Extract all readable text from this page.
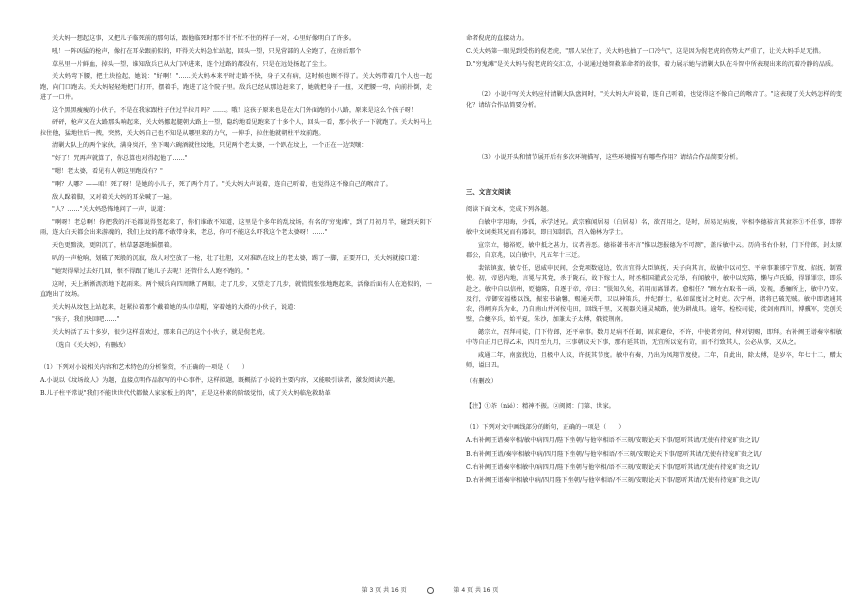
关大妈一想起这事，又把儿子临死前的那句话，跟他临死时那不甘不忙不住的样子一对，心里好像明白了许多。
吼！一阵凶猛的枪声，像打在耳朵跟前似的，吓得关大妈急忙站起，回头一望，只见营部的人全跑了，在房后那个
草丛里一片鲜血，掉头一望，谁知敌兵已从大门冲进来，连个过路的都没有，只是在远处扬起了尘土。
关大妈弯下腰，把土块捡起，她说："好啊！"……关大妈本来平时走路不快，身子又有病，这时候也顾不得了。关大妈带着几个人也一起跑，向门口跑去。关大妈轻轻地把门打开，摆着手，跑进了这个院子里。敌兵已经从那边赶来了，她就把身子一扭，又把腰一弯，向前扑倒，走进了一口井。
这个黑黑瘦瘦的小伙子，不是在我家跟柱子住过半拉月吗？……。哦！这孩子原来也是在大门外面跑的小八路，原来是这么个孩子呀！
砰砰，枪声又在大路那头响起来，关大妈挪起腿朝大路上一望，隐约地看见跑来了十多个人，回头一看，那小伙子一下就跑了。关大妈马上拉住他，猛地往后一拽，突然，关大妈自己也不知是从哪里来的力气，一伸手，拉住他就朝柱平坟前跑。
清剿大队上的两个家伙，满身臭汗，坐下喝六碗酒就往坟地，只见两个老太婆，一个趴在坟上，一个正在一边哭嚷：
"好了！咒再声就算了，你总算也对得起他了……"
"嗯！老太婆，看见有人朝这里跑没有？"
"啊？人哪？——咱！死了呀！是她的小儿子，死了两个月了。"关大妈大声说着，连自己听着，也觉得这不像自己的喉音了。
敌人跺着脚，又对着关大妈的耳朵喊了一遍。
"人？……"关大妈恐怖地问了一声，说道：
"啊呀！老总啊！你把我的汗毛都说得竖起来了，你们谁敢不知道，这里是个多年的乱坟场，有名的'穷鬼滩'，到了月初月半，碰到天阴下雨，连大白天都会出来游魂的，我们上坟的都不敢带身来，老总，你可不能这么吓我这个老太婆呀！……"
天色更黯淡，更阴沉了，枯草瑟瑟地摇摆着。
叭的一声枪响，划破了死般的沉寂，敌人对空放了一枪，壮了壮胆，又对准趴在坟上的老太婆，踢了一脚，正要开口，关大妈就接口道：
"她哭得晕过去好几回，恨不得跟了她儿子去呢！还管什么人跑不跑的。"
这时，天上淅淅沥沥地下起雨来。两个贼兵向四周瞅了两眼，走了几步，又望走了几步，就慌慌张张地跑起来，活像后面有人在追似的，一直跑出了坟场。
关大妈从坟包上站起来，赶紧拉着那个戴着她的头巾草帽，穿着她的大褂的小伙子，说道：
"孩子，我们快回吧……"
关大妈活了五十多岁，很少这样喜欢过，那来自己的这个小伙子，就是倪老虎。
（选自《关大妈》，有删改）
（1）下列对小说相关内容和艺术特色的分析鉴赏，不正确的一项是（　　）
A.小说以《坟场故人》为题，直接点明作品叙写的中心事件，这样拟题，既概括了小说的主要内容，又能吸引读者，激发阅读兴趣。
B.儿子柱平常说"我们不能世世代代都做人家家板上的肉"，正是这朴素的阶级觉悟，成了关大妈临危救助革
命者倪虎的直接动力。
C.关大妈第一眼见到受伤的倪老虎，"那人呆住了，关大妈也抽了一口冷气"，这是因为倪老虎的伤势太严重了，让关大妈手足无措。
D."穷鬼滩"是关大妈与倪老虎的交汇点，小说通过她智救革命者的故事，着力展示她与清剿大队在斗智中所表现出来的沉着冷静的品质。
（2）小说中写关大妈应付清剿大队盘问时，"关大妈大声说着，连自己听着，也觉得这不像自己的喉音了。"这表现了关大妈怎样的变化？请结合作品简要分析。
（3）小说开头和情节展开后有多次环境描写，这些环境描写有哪些作用？请结合作品简要分析。
三、文言文阅读
阅读下面文本，完成下列各题。
白敏中字用晦，少孤，承学述兄。武宗雅闻居易（白居易）名，欲召用之，是时，居易足病废，宰相李德裕言其衰苶①不任事，即荐敏中文词类其兄而有器识，即日知制诰，召入翰林为学士。
宣宗立，德裕贬，敏中抵之甚力，议者善恶。德裕著书亦言"惟以怨报德为不可测"，盖斥敏中云。历尚书右仆射，门下侍郎，封太原郡公，自京兆，以白敏中，凡五年十三迁。
裴铱镇蛮，敏专任，恩威申民间，会党项数寇边，钦言宜得大臣镇抚，天子向其言，故敏中以司空、平章事兼邠宁节度、招抚、制置使。初，帝恩内地，言冕与其党，杀于陇石，故下嫁士人，时丞相国灌武公元举，有闻敏中，敏中以宪陈，懒与卢氏婚，得罪罪宗，即乐赴之。敏中自以信州，贬德陈，自逐于帝，帝曰："朕知久矣，若用而离罪者。愈相任？"顾左右取书一函，发视，悉骊所上，敏中乃安。及行，帝御安福楼以饯，振宏书谕馨，赐通天带，卫以神策兵，并纪群士，私如谋度讨之时吏。次宁州，诸将已破羌贼。敏中即诸逋其农，得闸弃兵为业，乃自南山并河按屯田，回线千里，又视器关通灵城路，使为耕战具。逾年，检校司徒，徙剑南西川，博骥军，完创关壁，合夔卒兵，始平夏，朱沙，加兼太子太傅，俄徙荆南。
懿宗立，召拜司徒，门下侍郎，还平章事。数月足病不任谒，固求避位，不许，中使者旁问，俾对钥赐，即拜。右补阙王谱奏宰相敏中等自正月已得乙未，四月至九月，三事朝议天下事，那有延其语，无宜所以宠有苛，而不行致其人，公必从事，又从之。
咸通二年，南蛮扰边，且极中人议，许抚其节度。敏中有奏，乃出为凤翔节度使。二年，自此出，除太傅，是岁卒，年七十二，赠太师，谥曰丑。
（有删改）
【注】①苶（nié）：精神不振。②阀阅：门第、世家。
（1）下列对文中画线部分的断句，正确的一项是（　　）
A.右补阙王谱奏宰相/敏中病四月/陛下坐朝/与他宰相语不三刻/安暇论天下事/愿听其请/无使有持宠旷贵之讥/
B.右补阙王谱/奏宰相敏中病/四月陛下坐朝/与他宰相语/不三刻/安暇论天下事/愿听其请/无使有持宠旷贵之讥/
C.右补阙王谱奏宰相敏中/病四月/陛下坐朝与他宰相/语不三刻/安暇论天下事/愿听其请/无使有持宠旷贵之讥/
D.右补阙王谱奏宰相敏中病/四月陛下坐朝/与他宰相语/不三刻/安暇论天下事/愿听其请/无使有持宠旷贵之讥/
第 3 页 共 16 页	第 4 页 共 16 页
